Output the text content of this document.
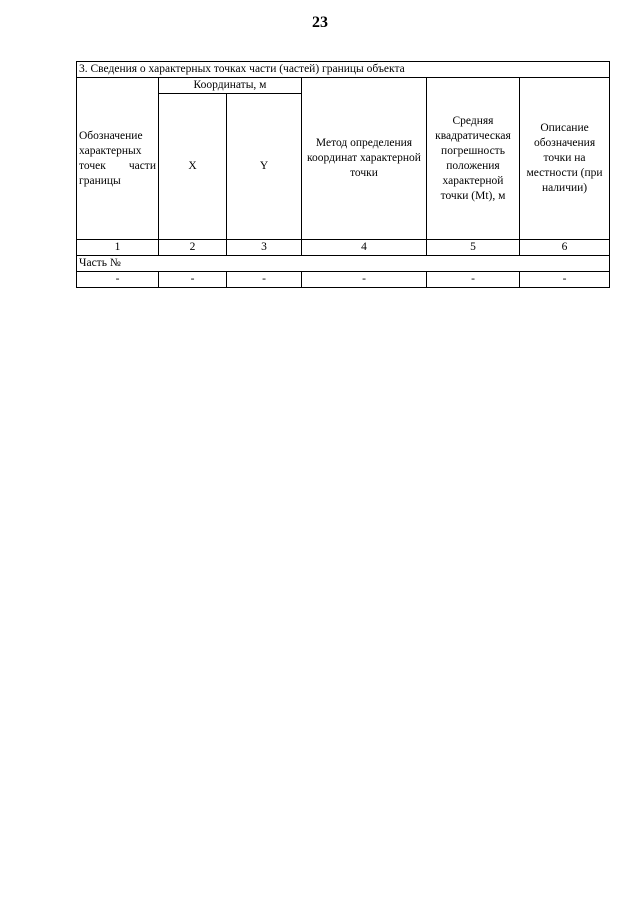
23
3. Сведения о характерных точках части (частей) границы объекта					
Обозначение характерных точек части границы	Координаты, м		Метод определения координат характерной точки	Средняя квадратическая погрешность положения характерной точки (Mt), м	Описание обозначения точки на местности (при наличии)
	X	Y			
1	2	3	4	5	6
Часть №					
-	-	-	-	-	-
